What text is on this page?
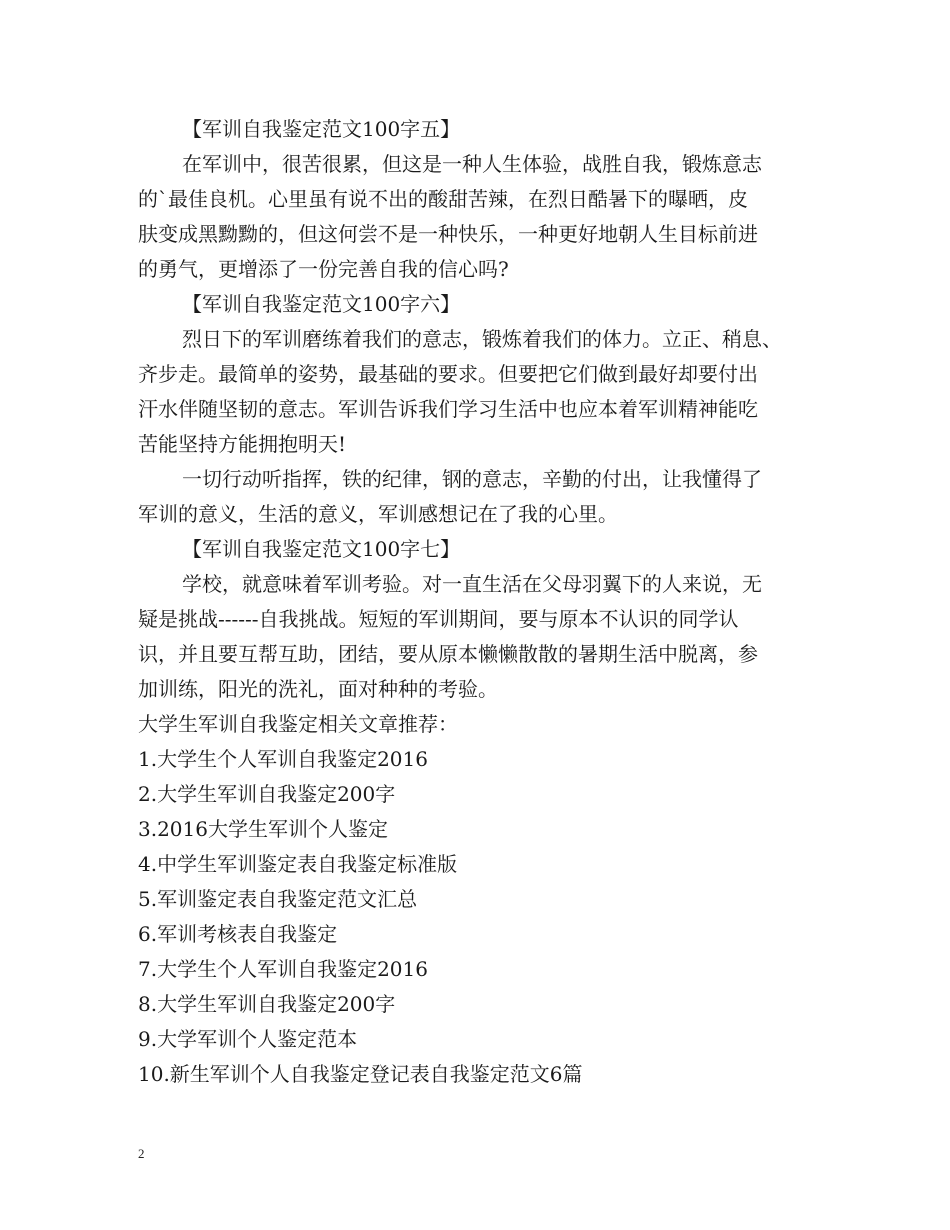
【军训自我鉴定范文100字五】
在军训中，很苦很累，但这是一种人生体验，战胜自我，锻炼意志
的`最佳良机。心里虽有说不出的酸甜苦辣，在烈日酷暑下的曝晒，皮
肤变成黑黝黝的，但这何尝不是一种快乐，一种更好地朝人生目标前进
的勇气，更增添了一份完善自我的信心吗?
【军训自我鉴定范文100字六】
烈日下的军训磨练着我们的意志，锻炼着我们的体力。立正、稍息、
齐步走。最简单的姿势，最基础的要求。但要把它们做到最好却要付出
汗水伴随坚韧的意志。军训告诉我们学习生活中也应本着军训精神能吃
苦能坚持方能拥抱明天!
一切行动听指挥，铁的纪律，钢的意志，辛勤的付出，让我懂得了
军训的意义，生活的意义，军训感想记在了我的心里。
【军训自我鉴定范文100字七】
学校，就意味着军训考验。对一直生活在父母羽翼下的人来说，无
疑是挑战------自我挑战。短短的军训期间，要与原本不认识的同学认
识，并且要互帮互助，团结，要从原本懒懒散散的暑期生活中脱离，参
加训练，阳光的洗礼，面对种种的考验。
大学生军训自我鉴定相关文章推荐：
1.大学生个人军训自我鉴定2016
2.大学生军训自我鉴定200字
3.2016大学生军训个人鉴定
4.中学生军训鉴定表自我鉴定标准版
5.军训鉴定表自我鉴定范文汇总
6.军训考核表自我鉴定
7.大学生个人军训自我鉴定2016
8.大学生军训自我鉴定200字
9.大学军训个人鉴定范本
10.新生军训个人自我鉴定登记表自我鉴定范文6篇
2
